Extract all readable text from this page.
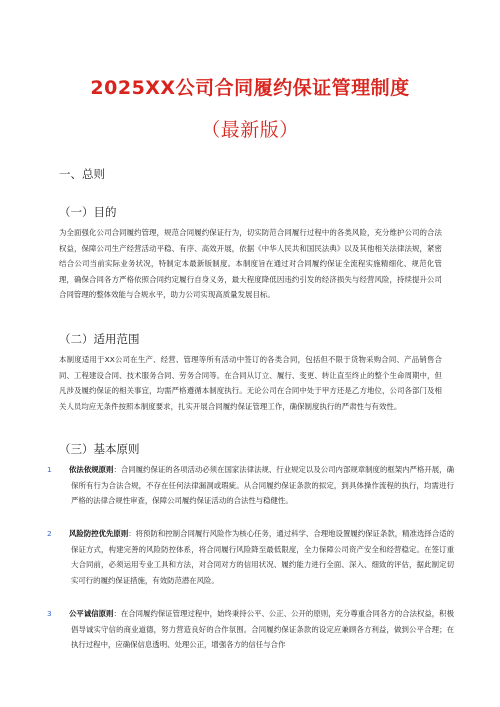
2025XX公司合同履约保证管理制度
（最新版）
一、总则
（一）目的
为全面强化公司合同履约管理，规范合同履约保证行为，切实防范合同履行过程中的各类风险，充分维护公司的合法权益，保障公司生产经营活动平稳、有序、高效开展，依据《中华人民共和国民法典》以及其他相关法律法规，紧密结合公司当前实际业务状况，特制定本最新版制度。本制度旨在通过对合同履约保证全流程实施精细化、规范化管理，确保合同各方严格依照合同约定履行自身义务，最大程度降低因违约引发的经济损失与经营风险，持续提升公司合同管理的整体效能与合规水平，助力公司实现高质量发展目标。
（二）适用范围
本制度适用于XX公司在生产、经营、管理等所有活动中签订的各类合同，包括但不限于货物采购合同、产品销售合同、工程建设合同、技术服务合同、劳务合同等。在合同从订立、履行、变更、转让直至终止的整个生命周期中，但凡涉及履约保证的相关事宜，均需严格遵循本制度执行。无论公司在合同中处于甲方还是乙方地位，公司各部门及相关人员均应无条件按照本制度要求，扎实开展合同履约保证管理工作，确保制度执行的严肃性与有效性。
（三）基本原则
1 依法依规原则：合同履约保证的各项活动必须在国家法律法规、行业规定以及公司内部规章制度的框架内严格开展，确保所有行为合法合规，不存在任何法律漏洞或瑕疵。从合同履约保证条款的拟定，到具体操作流程的执行，均需进行严格的法律合规性审查，保障公司履约保证活动的合法性与稳健性。
2 风险防控优先原则：将预防和控制合同履行风险作为核心任务，通过科学、合理地设置履约保证条款，精准选择合适的保证方式，构建完善的风险防控体系，将合同履行风险降至最低限度，全力保障公司资产安全和经营稳定。在签订重大合同前，必须运用专业工具和方法，对合同对方的信用状况、履约能力进行全面、深入、细致的评估，据此制定切实可行的履约保证措施，有效防范潜在风险。
3 公平诚信原则：在合同履约保证管理过程中，始终秉持公平、公正、公开的原则，充分尊重合同各方的合法权益，积极倡导诚实守信的商业道德，努力营造良好的合作氛围。合同履约保证条款的设定应兼顾各方利益，做到公平合理；在执行过程中，应确保信息透明、处理公正，增强各方的信任与合作
